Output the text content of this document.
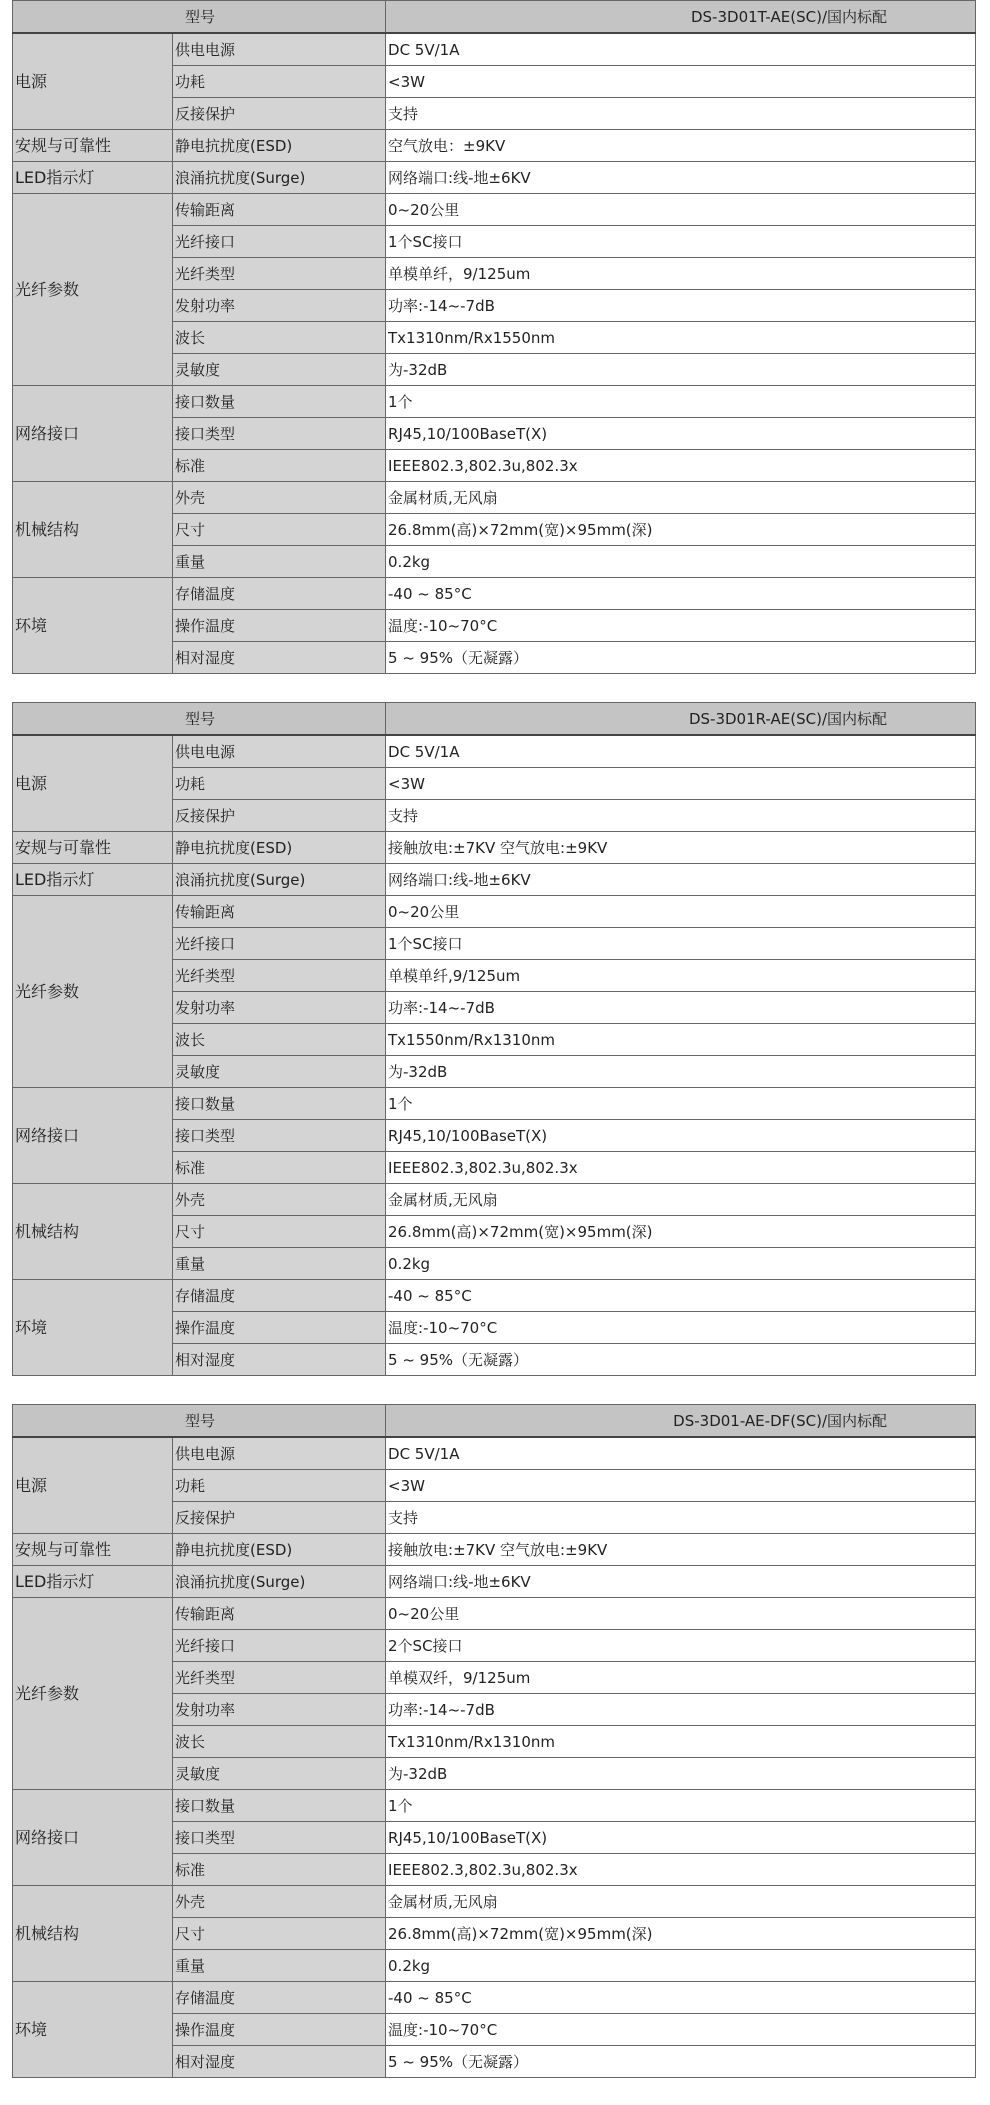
型号		DS-3D01T-AE(SC)/国内标配
电源	供电电源	DC 5V/1A
	功耗	<3W
	反接保护	支持
安规与可靠性	静电抗扰度(ESD)	空气放电：±9KV
LED指示灯	浪涌抗扰度(Surge)	网络端口:线-地±6KV
光纤参数	传输距离	0~20公里
	光纤接口	1个SC接口
	光纤类型	单模单纤，9/125um
	发射功率	功率:-14~-7dB
	波长	Tx1310nm/Rx1550nm
	灵敏度	为-32dB
网络接口	接口数量	1个
	接口类型	RJ45,10/100BaseT(X)
	标准	IEEE802.3,802.3u,802.3x
机械结构	外壳	金属材质,无风扇
	尺寸	26.8mm(高)×72mm(宽)×95mm(深)
	重量	0.2kg
环境	存储温度	-40 ~ 85°C
	操作温度	温度:-10~70°C
	相对湿度	5 ~ 95%（无凝露）
型号		DS-3D01R-AE(SC)/国内标配
电源	供电电源	DC 5V/1A
	功耗	<3W
	反接保护	支持
安规与可靠性	静电抗扰度(ESD)	接触放电:±7KV 空气放电:±9KV
LED指示灯	浪涌抗扰度(Surge)	网络端口:线-地±6KV
光纤参数	传输距离	0~20公里
	光纤接口	1个SC接口
	光纤类型	单模单纤,9/125um
	发射功率	功率:-14~-7dB
	波长	Tx1550nm/Rx1310nm
	灵敏度	为-32dB
网络接口	接口数量	1个
	接口类型	RJ45,10/100BaseT(X)
	标准	IEEE802.3,802.3u,802.3x
机械结构	外壳	金属材质,无风扇
	尺寸	26.8mm(高)×72mm(宽)×95mm(深)
	重量	0.2kg
环境	存储温度	-40 ~ 85°C
	操作温度	温度:-10~70°C
	相对湿度	5 ~ 95%（无凝露）
型号		DS-3D01-AE-DF(SC)/国内标配
电源	供电电源	DC 5V/1A
	功耗	<3W
	反接保护	支持
安规与可靠性	静电抗扰度(ESD)	接触放电:±7KV 空气放电:±9KV
LED指示灯	浪涌抗扰度(Surge)	网络端口:线-地±6KV
光纤参数	传输距离	0~20公里
	光纤接口	2个SC接口
	光纤类型	单模双纤，9/125um
	发射功率	功率:-14~-7dB
	波长	Tx1310nm/Rx1310nm
	灵敏度	为-32dB
网络接口	接口数量	1个
	接口类型	RJ45,10/100BaseT(X)
	标准	IEEE802.3,802.3u,802.3x
机械结构	外壳	金属材质,无风扇
	尺寸	26.8mm(高)×72mm(宽)×95mm(深)
	重量	0.2kg
环境	存储温度	-40 ~ 85°C
	操作温度	温度:-10~70°C
	相对湿度	5 ~ 95%（无凝露）
